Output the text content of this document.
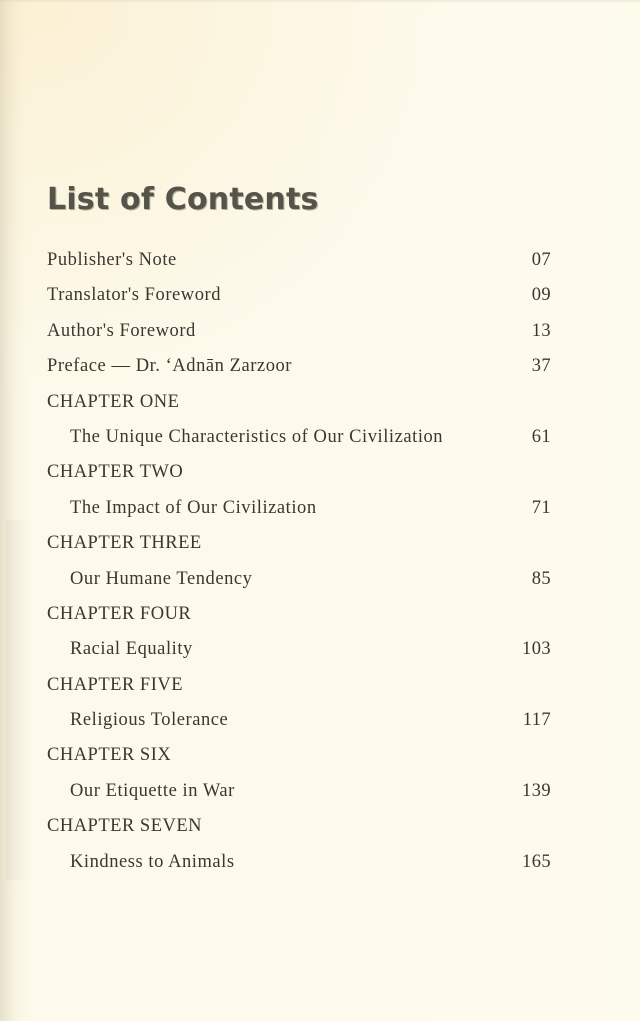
List of Contents
Publisher's Note	07
Translator's Foreword	09
Author's Foreword	13
Preface — Dr. ʻAdnān Zarzoor	37
CHAPTER ONE
The Unique Characteristics of Our Civilization	61
CHAPTER TWO
The Impact of Our Civilization	71
CHAPTER THREE
Our Humane Tendency	85
CHAPTER FOUR
Racial Equality	103
CHAPTER FIVE
Religious Tolerance	117
CHAPTER SIX
Our Etiquette in War	139
CHAPTER SEVEN
Kindness to Animals	165
